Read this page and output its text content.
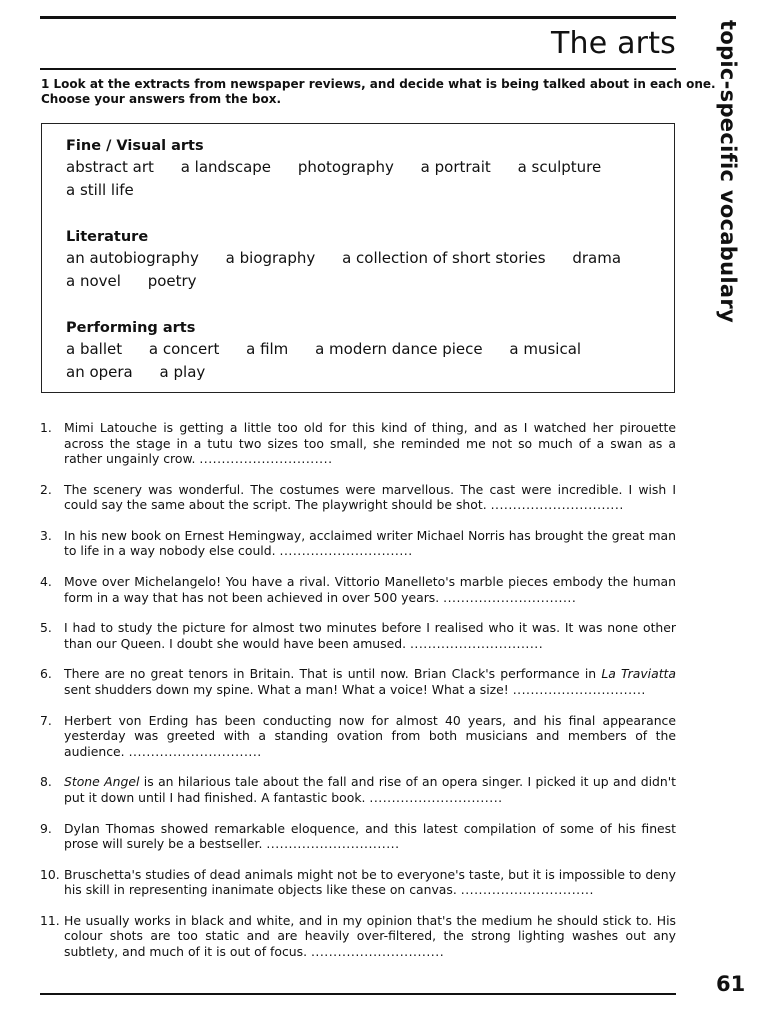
The arts	topic-specific vocabulary
1 Look at the extracts from newspaper reviews, and decide what is being talked about in each one.
Choose your answers from the box.
Fine / Visual arts
abstract art a landscape photography a portrait a sculpture a still life
Literature
an autobiography a biography a collection of short stories drama a novel poetry
Performing arts
a ballet a concert a film a modern dance piece a musical an opera a play
1. Mimi Latouche is getting a little too old for this kind of thing, and as I watched her pirouette across the stage in a tutu two sizes too small, she reminded me not so much of a swan as a rather ungainly crow. ..............................
2. The scenery was wonderful. The costumes were marvellous. The cast were incredible. I wish I could say the same about the script. The playwright should be shot. ..............................
3. In his new book on Ernest Hemingway, acclaimed writer Michael Norris has brought the great man to life in a way nobody else could. ..............................
4. Move over Michelangelo! You have a rival. Vittorio Manelleto's marble pieces embody the human form in a way that has not been achieved in over 500 years. ..............................
5. I had to study the picture for almost two minutes before I realised who it was. It was none other than our Queen. I doubt she would have been amused. ..............................
6. There are no great tenors in Britain. That is until now. Brian Clack's performance in La Traviatta sent shudders down my spine. What a man! What a voice! What a size! ..............................
7. Herbert von Erding has been conducting now for almost 40 years, and his final appearance yesterday was greeted with a standing ovation from both musicians and members of the audience. ..............................
8. Stone Angel is an hilarious tale about the fall and rise of an opera singer. I picked it up and didn't put it down until I had finished. A fantastic book. ..............................
9. Dylan Thomas showed remarkable eloquence, and this latest compilation of some of his finest prose will surely be a bestseller. ..............................
10. Bruschetta's studies of dead animals might not be to everyone's taste, but it is impossible to deny his skill in representing inanimate objects like these on canvas. ..............................
11. He usually works in black and white, and in my opinion that's the medium he should stick to. His colour shots are too static and are heavily over-filtered, the strong lighting washes out any subtlety, and much of it is out of focus. ..............................
61
